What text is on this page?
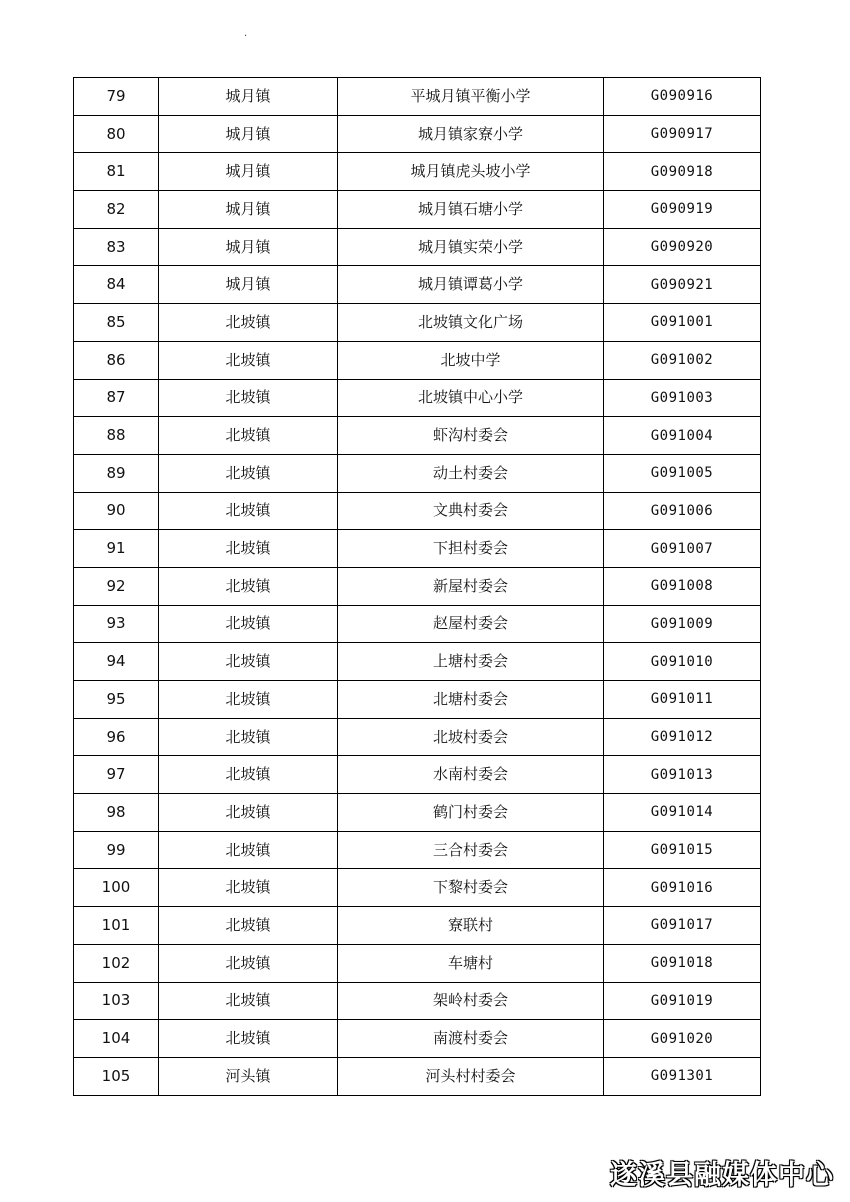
.
79	城月镇	平城月镇平衡小学	G090916
80	城月镇	城月镇家寮小学	G090917
81	城月镇	城月镇虎头坡小学	G090918
82	城月镇	城月镇石塘小学	G090919
83	城月镇	城月镇实荣小学	G090920
84	城月镇	城月镇谭葛小学	G090921
85	北坡镇	北坡镇文化广场	G091001
86	北坡镇	北坡中学	G091002
87	北坡镇	北坡镇中心小学	G091003
88	北坡镇	虾沟村委会	G091004
89	北坡镇	动土村委会	G091005
90	北坡镇	文典村委会	G091006
91	北坡镇	下担村委会	G091007
92	北坡镇	新屋村委会	G091008
93	北坡镇	赵屋村委会	G091009
94	北坡镇	上塘村委会	G091010
95	北坡镇	北塘村委会	G091011
96	北坡镇	北坡村委会	G091012
97	北坡镇	水南村委会	G091013
98	北坡镇	鹤门村委会	G091014
99	北坡镇	三合村委会	G091015
100	北坡镇	下黎村委会	G091016
101	北坡镇	寮联村	G091017
102	北坡镇	车塘村	G091018
103	北坡镇	架岭村委会	G091019
104	北坡镇	南渡村委会	G091020
105	河头镇	河头村村委会	G091301
遂溪县融媒体中心
